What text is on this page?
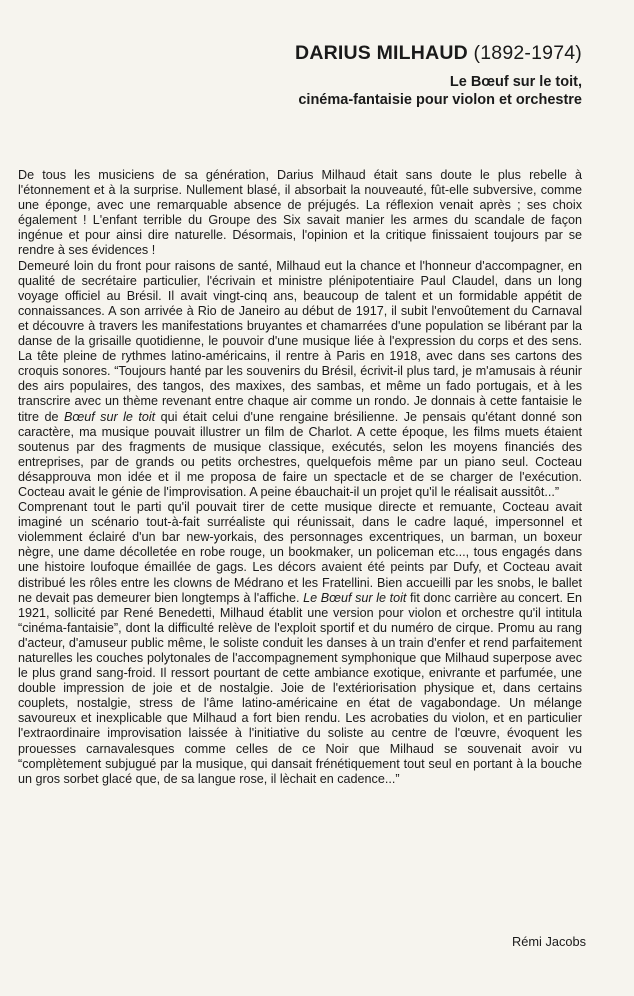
DARIUS MILHAUD (1892-1974)
Le Bœuf sur le toit,
cinéma-fantaisie pour violon et orchestre

De tous les musiciens de sa génération, Darius Milhaud était sans doute le plus rebelle à l'étonnement et à la surprise. Nullement blasé, il absorbait la nouveauté, fût-elle subversive, comme une éponge, avec une remarquable absence de préjugés. La réflexion venait après ; ses choix également ! L'enfant terrible du Groupe des Six savait manier les armes du scandale de façon ingénue et pour ainsi dire naturelle. Désormais, l'opinion et la critique finissaient toujours par se rendre à ses évidences !

Demeuré loin du front pour raisons de santé, Milhaud eut la chance et l'honneur d'accompagner, en qualité de secrétaire particulier, l'écrivain et ministre plénipotentiaire Paul Claudel, dans un long voyage officiel au Brésil. Il avait vingt-cinq ans, beaucoup de talent et un formidable appétit de connaissances. A son arrivée à Rio de Janeiro au début de 1917, il subit l'envoûtement du Carnaval et découvre à travers les manifestations bruyantes et chamarrées d'une population se libérant par la danse de la grisaille quotidienne, le pouvoir d'une musique liée à l'expression du corps et des sens. La tête pleine de rythmes latino-américains, il rentre à Paris en 1918, avec dans ses cartons des croquis sonores. “Toujours hanté par les souvenirs du Brésil, écrivit-il plus tard, je m'amusais à réunir des airs populaires, des tangos, des maxixes, des sambas, et même un fado portugais, et à les transcrire avec un thème revenant entre chaque air comme un rondo. Je donnais à cette fantaisie le titre de Bœuf sur le toit qui était celui d'une rengaine brésilienne. Je pensais qu'étant donné son caractère, ma musique pouvait illustrer un film de Charlot. A cette époque, les films muets étaient soutenus par des fragments de musique classique, exécutés, selon les moyens financiés des entreprises, par de grands ou petits orchestres, quelquefois même par un piano seul. Cocteau désapprouva mon idée et il me proposa de faire un spectacle et de se charger de l'exécution. Cocteau avait le génie de l'improvisation. A peine ébauchait-il un projet qu'il le réalisait aussitôt...”

Comprenant tout le parti qu'il pouvait tirer de cette musique directe et remuante, Cocteau avait imaginé un scénario tout-à-fait surréaliste qui réunissait, dans le cadre laqué, impersonnel et violemment éclairé d'un bar new-yorkais, des personnages excentriques, un barman, un boxeur nègre, une dame décolletée en robe rouge, un bookmaker, un policeman etc..., tous engagés dans une histoire loufoque émaillée de gags. Les décors avaient été peints par Dufy, et Cocteau avait distribué les rôles entre les clowns de Médrano et les Fratellini. Bien accueilli par les snobs, le ballet ne devait pas demeurer bien longtemps à l'affiche. Le Bœuf sur le toit fit donc carrière au concert. En 1921, sollicité par René Benedetti, Milhaud établit une version pour violon et orchestre qu'il intitula “cinéma-fantaisie”, dont la difficulté relève de l'exploit sportif et du numéro de cirque. Promu au rang d'acteur, d'amuseur public même, le soliste conduit les danses à un train d'enfer et rend parfaitement naturelles les couches polytonales de l'accompagnement symphonique que Milhaud superpose avec le plus grand sang-froid. Il ressort pourtant de cette ambiance exotique, enivrante et parfumée, une double impression de joie et de nostalgie. Joie de l'extériorisation physique et, dans certains couplets, nostalgie, stress de l'âme latino-américaine en état de vagabondage. Un mélange savoureux et inexplicable que Milhaud a fort bien rendu. Les acrobaties du violon, et en particulier l'extraordinaire improvisation laissée à l'initiative du soliste au centre de l'œuvre, évoquent les prouesses carnavalesques comme celles de ce Noir que Milhaud se souvenait avoir vu “complètement subjugué par la musique, qui dansait frénétiquement tout seul en portant à la bouche un gros sorbet glacé que, de sa langue rose, il lèchait en cadence...”

Rémi Jacobs
